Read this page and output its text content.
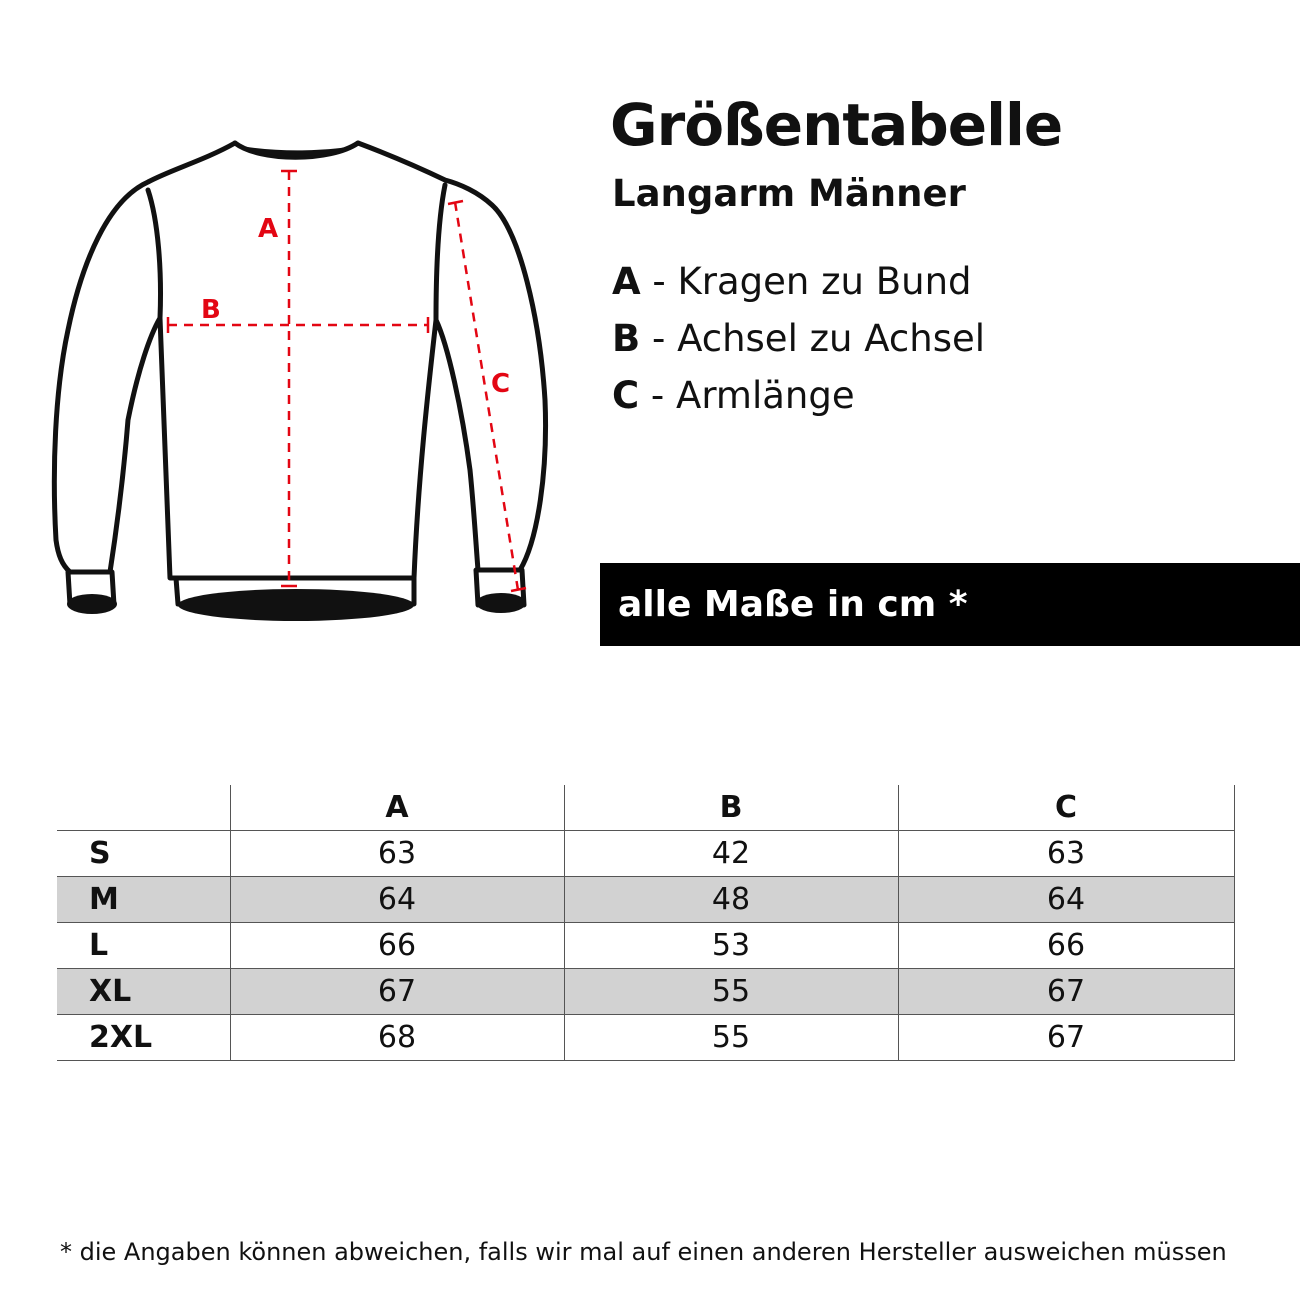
A
B
C
Größentabelle
Langarm Männer
A - Kragen zu Bund
B - Achsel zu Achsel
C - Armlänge
alle Maße in cm *
	A	B	C
S	63	42	63
M	64	48	64
L	66	53	66
XL	67	55	67
2XL	68	55	67

* die Angaben können abweichen, falls wir mal auf einen anderen Hersteller ausweichen müssen
